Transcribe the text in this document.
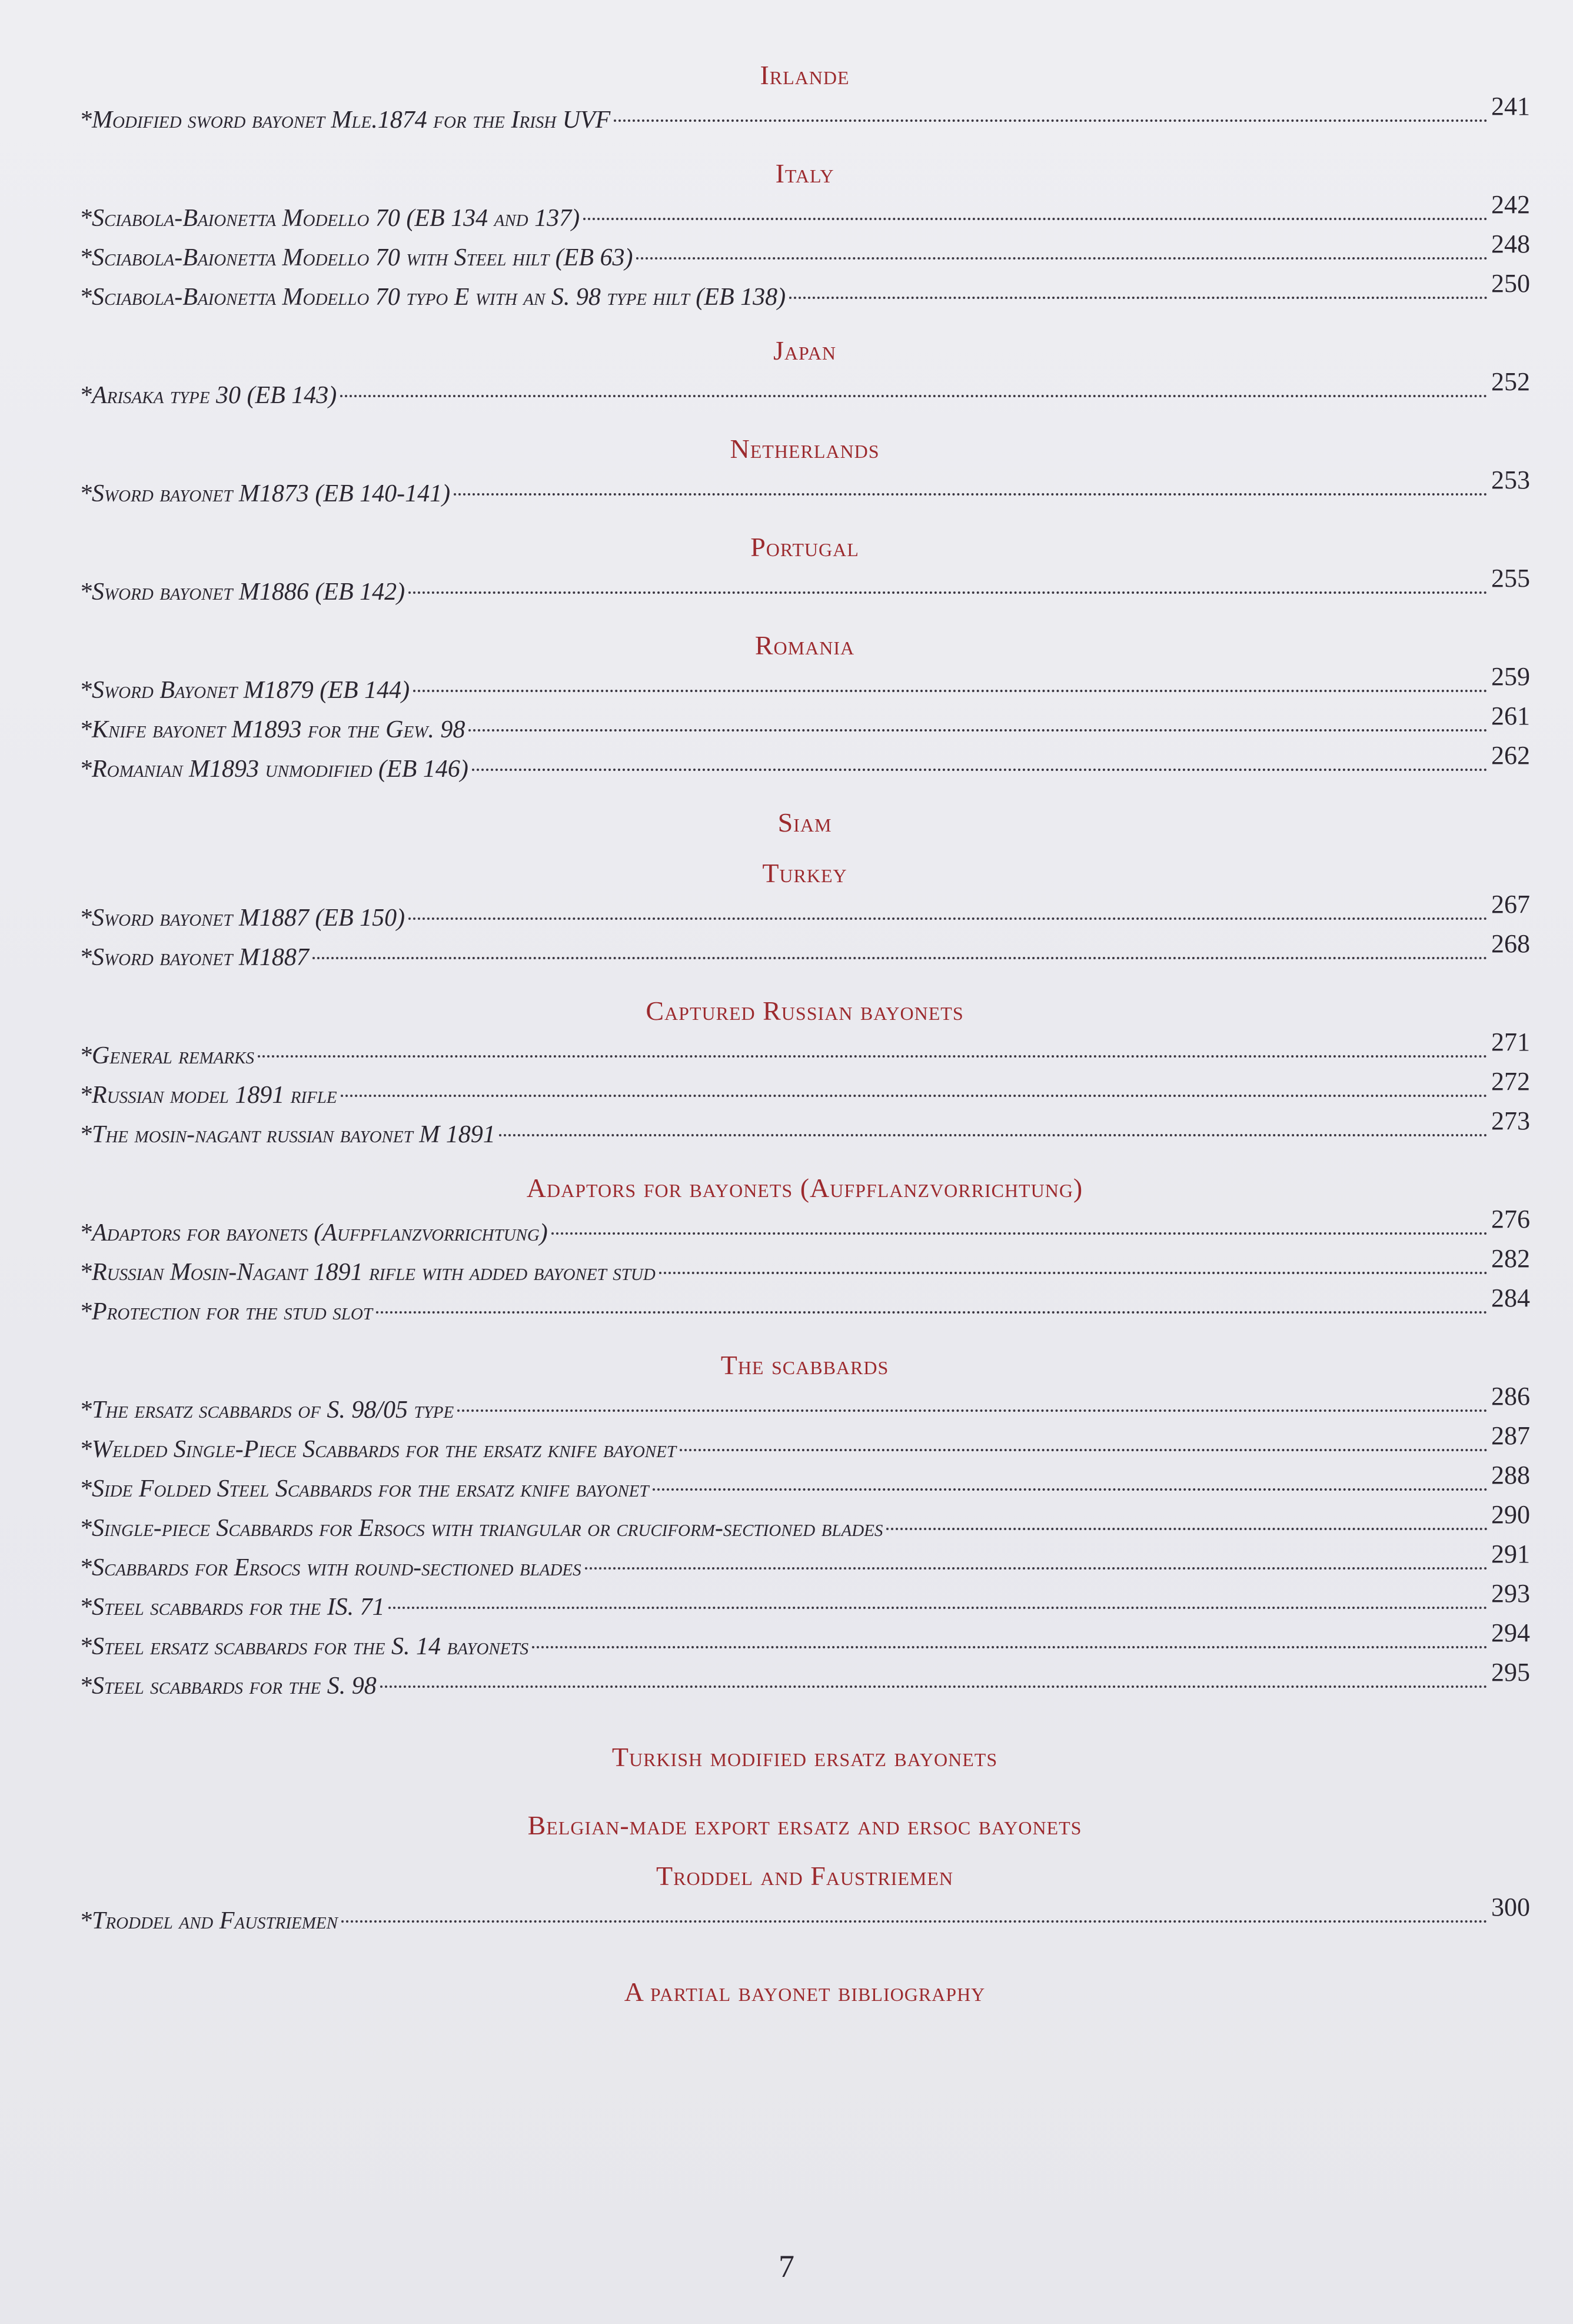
Irlande
*Modified sword bayonet Mle.1874 for the Irish UVF	241
Italy
*Sciabola-Baionetta Modello 70 (EB 134 and 137)	242
*Sciabola-Baionetta Modello 70 with Steel hilt (EB 63)	248
*Sciabola-Baionetta Modello 70 typo E with an S. 98 type hilt (EB 138)	250
Japan
*Arisaka type 30 (EB 143)	252
Netherlands
*Sword bayonet M1873 (EB 140-141)	253
Portugal
*Sword bayonet M1886 (EB 142)	255
Romania
*Sword Bayonet M1879 (EB 144)	259
*Knife bayonet M1893 for the Gew. 98	261
*Romanian M1893 unmodified (EB 146)	262
Siam
Turkey
*Sword bayonet M1887 (EB 150)	267
*Sword bayonet M1887	268
Captured Russian bayonets
*General remarks	271
*Russian model 1891 rifle	272
*The mosin-nagant russian bayonet M 1891	273
Adaptors for bayonets (Aufpflanzvorrichtung)
*Adaptors for bayonets (Aufpflanzvorrichtung)	276
*Russian Mosin-Nagant 1891 rifle with added bayonet stud	282
*Protection for the stud slot	284
The scabbards
*The ersatz scabbards of S. 98/05 type	286
*Welded Single-Piece Scabbards for the ersatz knife bayonet	287
*Side Folded Steel Scabbards for the ersatz knife bayonet	288
*Single-piece Scabbards for Ersocs with triangular or cruciform-sectioned blades	290
*Scabbards for Ersocs with round-sectioned blades	291
*Steel scabbards for the IS. 71	293
*Steel ersatz scabbards for the S. 14 bayonets	294
*Steel scabbards for the S. 98	295
Turkish modified ersatz bayonets
Belgian-made export ersatz and ersoc bayonets
Troddel and Faustriemen
*Troddel and Faustriemen	300
A partial bayonet bibliography
7
